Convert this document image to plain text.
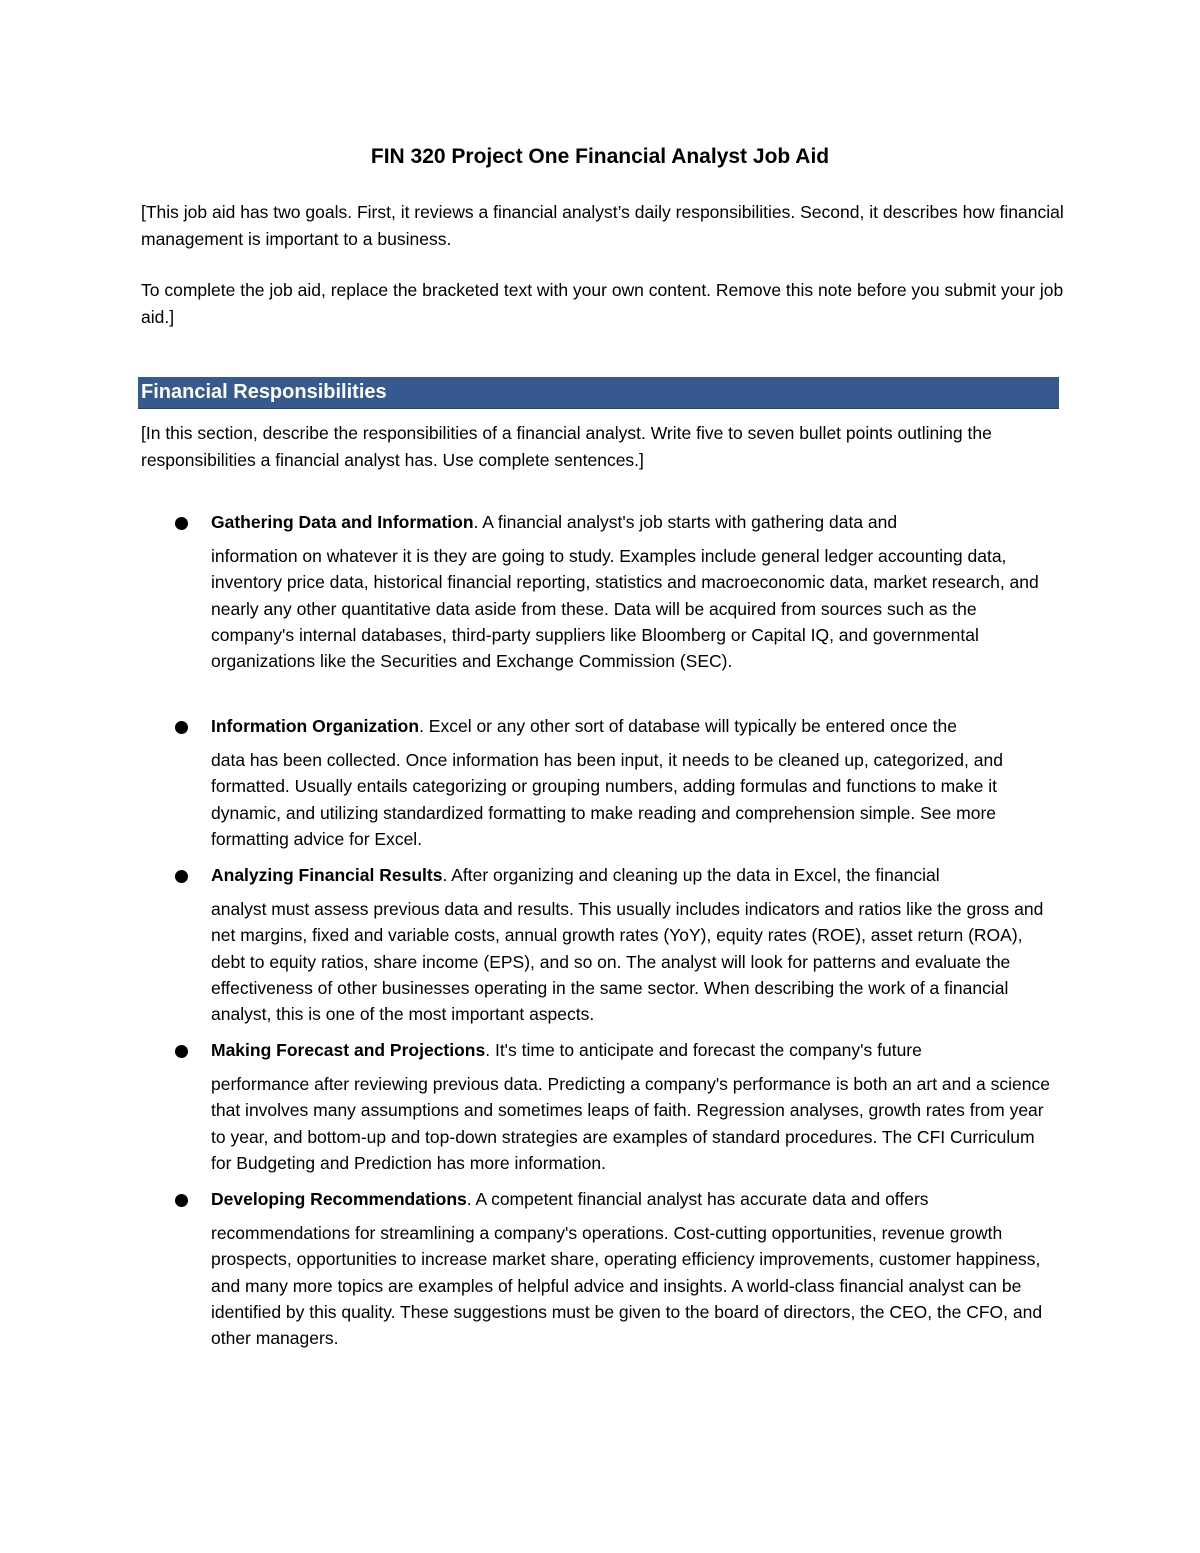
FIN 320 Project One Financial Analyst Job Aid

[This job aid has two goals. First, it reviews a financial analyst’s daily responsibilities. Second, it describes how financial management is important to a business.

To complete the job aid, replace the bracketed text with your own content. Remove this note before you submit your job aid.]

Financial Responsibilities

[In this section, describe the responsibilities of a financial analyst. Write five to seven bullet points outlining the responsibilities a financial analyst has. Use complete sentences.]

Gathering Data and Information. A financial analyst's job starts with gathering data and
information on whatever it is they are going to study. Examples include general ledger accounting data, inventory price data, historical financial reporting, statistics and macroeconomic data, market research, and nearly any other quantitative data aside from these. Data will be acquired from sources such as the company's internal databases, third-party suppliers like Bloomberg or Capital IQ, and governmental organizations like the Securities and Exchange Commission (SEC).
Information Organization. Excel or any other sort of database will typically be entered once the
data has been collected. Once information has been input, it needs to be cleaned up, categorized, and formatted. Usually entails categorizing or grouping numbers, adding formulas and functions to make it dynamic, and utilizing standardized formatting to make reading and comprehension simple. See more formatting advice for Excel.
Analyzing Financial Results. After organizing and cleaning up the data in Excel, the financial
analyst must assess previous data and results. This usually includes indicators and ratios like the gross and net margins, fixed and variable costs, annual growth rates (YoY), equity rates (ROE), asset return (ROA), debt to equity ratios, share income (EPS), and so on. The analyst will look for patterns and evaluate the effectiveness of other businesses operating in the same sector. When describing the work of a financial analyst, this is one of the most important aspects.
Making Forecast and Projections. It's time to anticipate and forecast the company's future
performance after reviewing previous data. Predicting a company's performance is both an art and a science that involves many assumptions and sometimes leaps of faith. Regression analyses, growth rates from year to year, and bottom-up and top-down strategies are examples of standard procedures. The CFI Curriculum for Budgeting and Prediction has more information.
Developing Recommendations. A competent financial analyst has accurate data and offers
recommendations for streamlining a company's operations. Cost-cutting opportunities, revenue growth prospects, opportunities to increase market share, operating efficiency improvements, customer happiness, and many more topics are examples of helpful advice and insights. A world-class financial analyst can be identified by this quality. These suggestions must be given to the board of directors, the CEO, the CFO, and other managers.
